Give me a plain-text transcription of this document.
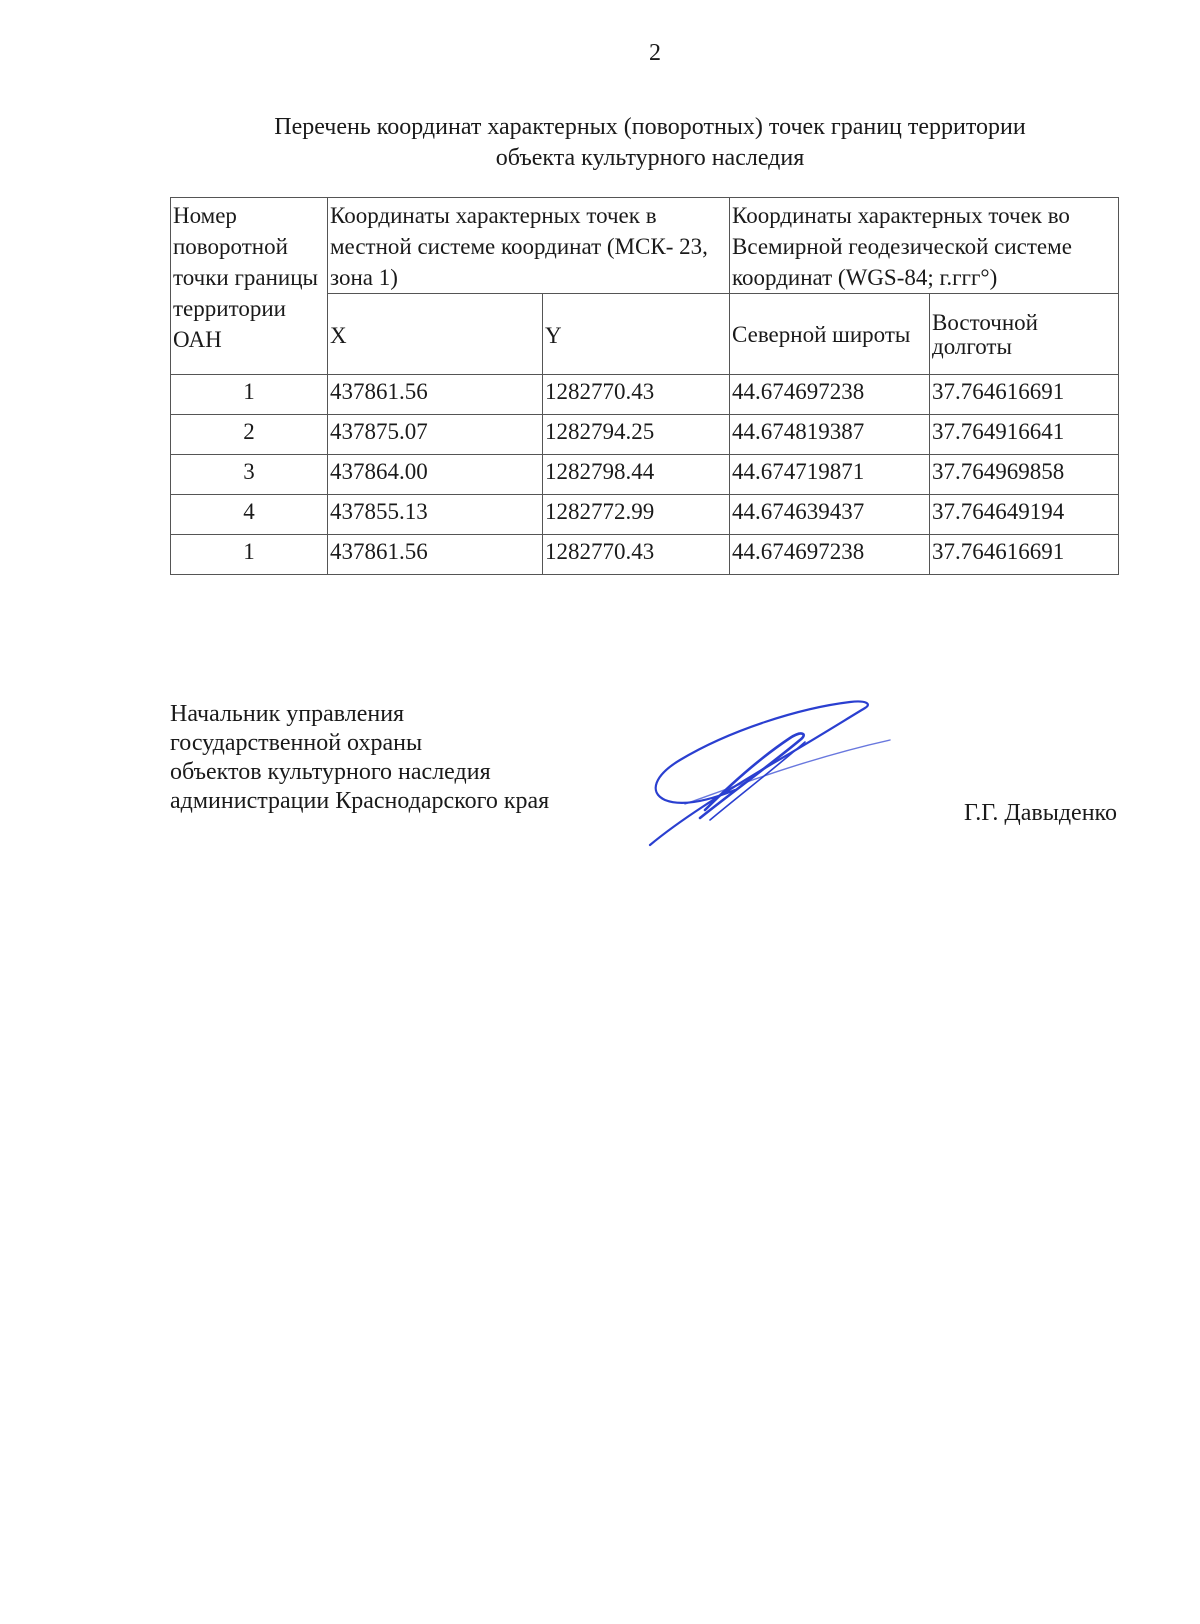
2
Перечень координат характерных (поворотных) точек границ территории
объекта культурного наследия
Номер поворотной точки границы территории ОАН	Координаты характерных точек в местной системе координат (МСК- 23, зона 1)		Координаты характерных точек во Всемирной геодезической системе координат (WGS-84; г.ггг°)	
	X	Y	Северной широты	Восточной долготы
1	437861.56	1282770.43	44.674697238	37.764616691
2	437875.07	1282794.25	44.674819387	37.764916641
3	437864.00	1282798.44	44.674719871	37.764969858
4	437855.13	1282772.99	44.674639437	37.764649194
1	437861.56	1282770.43	44.674697238	37.764616691
Начальник управления
государственной охраны
объектов культурного наследия
администрации Краснодарского края	Г.Г. Давыденко
